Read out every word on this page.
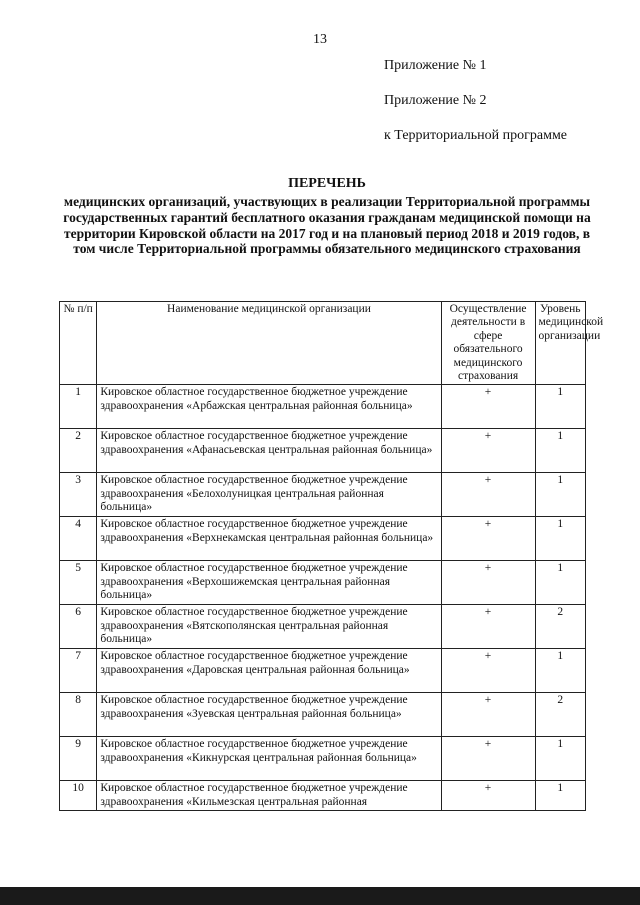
13
Приложение № 1
Приложение № 2
к Территориальной программе
ПЕРЕЧЕНЬ
медицинских организаций, участвующих в реализации Территориальной программы государственных гарантий бесплатного оказания гражданам медицинской помощи на территории Кировской области на 2017 год и на плановый период 2018 и 2019 годов, в том числе Территориальной программы обязательного медицинского страхования
№ п/п	Наименование медицинской организации	Осуществление деятельности в сфере обязательного медицинского страхования	Уровень медицинской организации
1	Кировское областное государственное бюджетное учреждение здравоохранения «Арбажская центральная районная больница»	+	1
2	Кировское областное государственное бюджетное учреждение здравоохранения «Афанасьевская центральная районная больница»	+	1
3	Кировское областное государственное бюджетное учреждение здравоохранения «Белохолуницкая центральная районная больница»	+	1
4	Кировское областное государственное бюджетное учреждение здравоохранения «Верхнекамская центральная районная больница»	+	1
5	Кировское областное государственное бюджетное учреждение здравоохранения «Верхошижемская центральная районная больница»	+	1
6	Кировское областное государственное бюджетное учреждение здравоохранения «Вятскополянская центральная районная больница»	+	2
7	Кировское областное государственное бюджетное учреждение здравоохранения «Даровская центральная районная больница»	+	1
8	Кировское областное государственное бюджетное учреждение здравоохранения «Зуевская центральная районная больница»	+	2
9	Кировское областное государственное бюджетное учреждение здравоохранения «Кикнурская центральная районная больница»	+	1
10	Кировское областное государственное бюджетное учреждение здравоохранения «Кильмезская центральная районная	+	1
